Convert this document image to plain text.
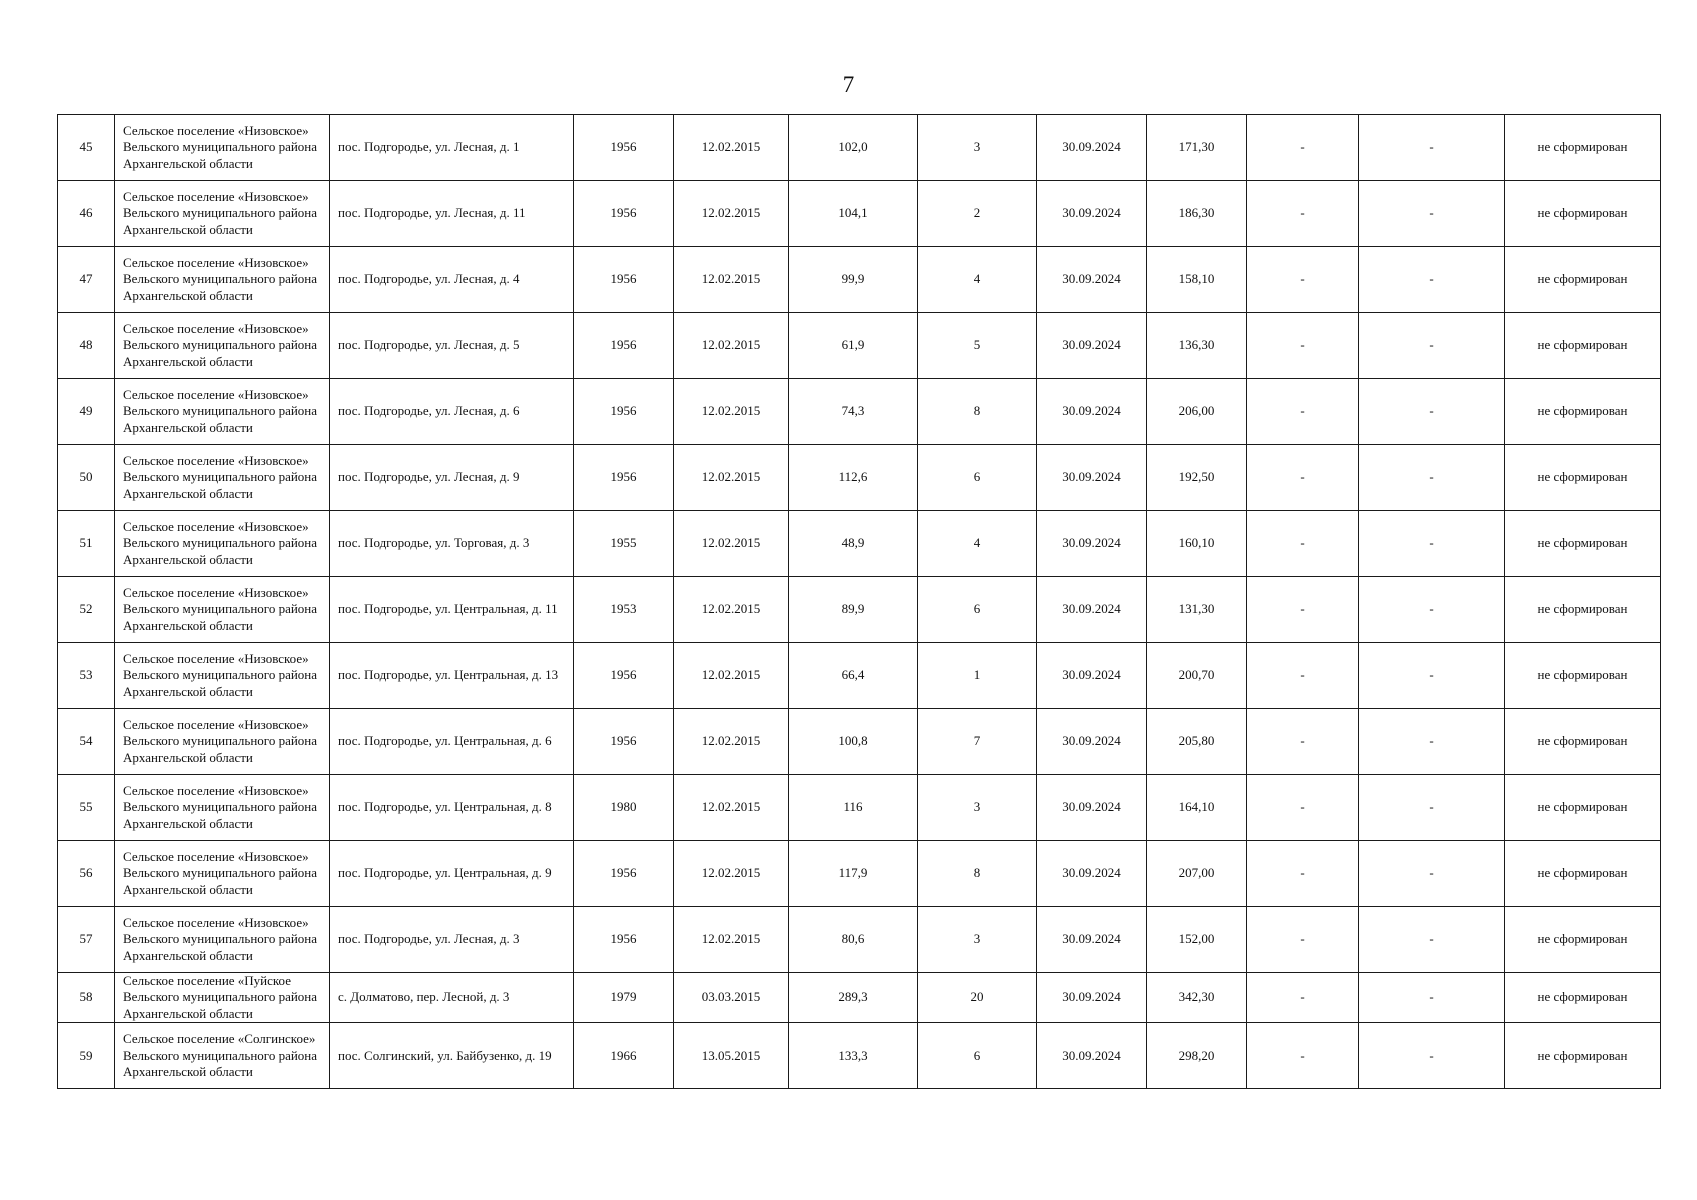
7
45	Сельское поселение «Низовское» Вельского муниципального района Архангельской области	пос. Подгородье, ул. Лесная, д. 1	1956	12.02.2015	102,0	3	30.09.2024	171,30	-	-	не сформирован
46	Сельское поселение «Низовское» Вельского муниципального района Архангельской области	пос. Подгородье, ул. Лесная, д. 11	1956	12.02.2015	104,1	2	30.09.2024	186,30	-	-	не сформирован
47	Сельское поселение «Низовское» Вельского муниципального района Архангельской области	пос. Подгородье, ул. Лесная, д. 4	1956	12.02.2015	99,9	4	30.09.2024	158,10	-	-	не сформирован
48	Сельское поселение «Низовское» Вельского муниципального района Архангельской области	пос. Подгородье, ул. Лесная, д. 5	1956	12.02.2015	61,9	5	30.09.2024	136,30	-	-	не сформирован
49	Сельское поселение «Низовское» Вельского муниципального района Архангельской области	пос. Подгородье, ул. Лесная, д. 6	1956	12.02.2015	74,3	8	30.09.2024	206,00	-	-	не сформирован
50	Сельское поселение «Низовское» Вельского муниципального района Архангельской области	пос. Подгородье, ул. Лесная, д. 9	1956	12.02.2015	112,6	6	30.09.2024	192,50	-	-	не сформирован
51	Сельское поселение «Низовское» Вельского муниципального района Архангельской области	пос. Подгородье, ул. Торговая, д. 3	1955	12.02.2015	48,9	4	30.09.2024	160,10	-	-	не сформирован
52	Сельское поселение «Низовское» Вельского муниципального района Архангельской области	пос. Подгородье, ул. Центральная, д. 11	1953	12.02.2015	89,9	6	30.09.2024	131,30	-	-	не сформирован
53	Сельское поселение «Низовское» Вельского муниципального района Архангельской области	пос. Подгородье, ул. Центральная, д. 13	1956	12.02.2015	66,4	1	30.09.2024	200,70	-	-	не сформирован
54	Сельское поселение «Низовское» Вельского муниципального района Архангельской области	пос. Подгородье, ул. Центральная, д. 6	1956	12.02.2015	100,8	7	30.09.2024	205,80	-	-	не сформирован
55	Сельское поселение «Низовское» Вельского муниципального района Архангельской области	пос. Подгородье, ул. Центральная, д. 8	1980	12.02.2015	116	3	30.09.2024	164,10	-	-	не сформирован
56	Сельское поселение «Низовское» Вельского муниципального района Архангельской области	пос. Подгородье, ул. Центральная, д. 9	1956	12.02.2015	117,9	8	30.09.2024	207,00	-	-	не сформирован
57	Сельское поселение «Низовское» Вельского муниципального района Архангельской области	пос. Подгородье, ул. Лесная, д. 3	1956	12.02.2015	80,6	3	30.09.2024	152,00	-	-	не сформирован
58	Сельское поселение «Пуйское Вельского муниципального района Архангельской области	с. Долматово, пер. Лесной, д. 3	1979	03.03.2015	289,3	20	30.09.2024	342,30	-	-	не сформирован
59	Сельское поселение «Солгинское» Вельского муниципального района Архангельской области	пос. Солгинский, ул. Байбузенко, д. 19	1966	13.05.2015	133,3	6	30.09.2024	298,20	-	-	не сформирован
